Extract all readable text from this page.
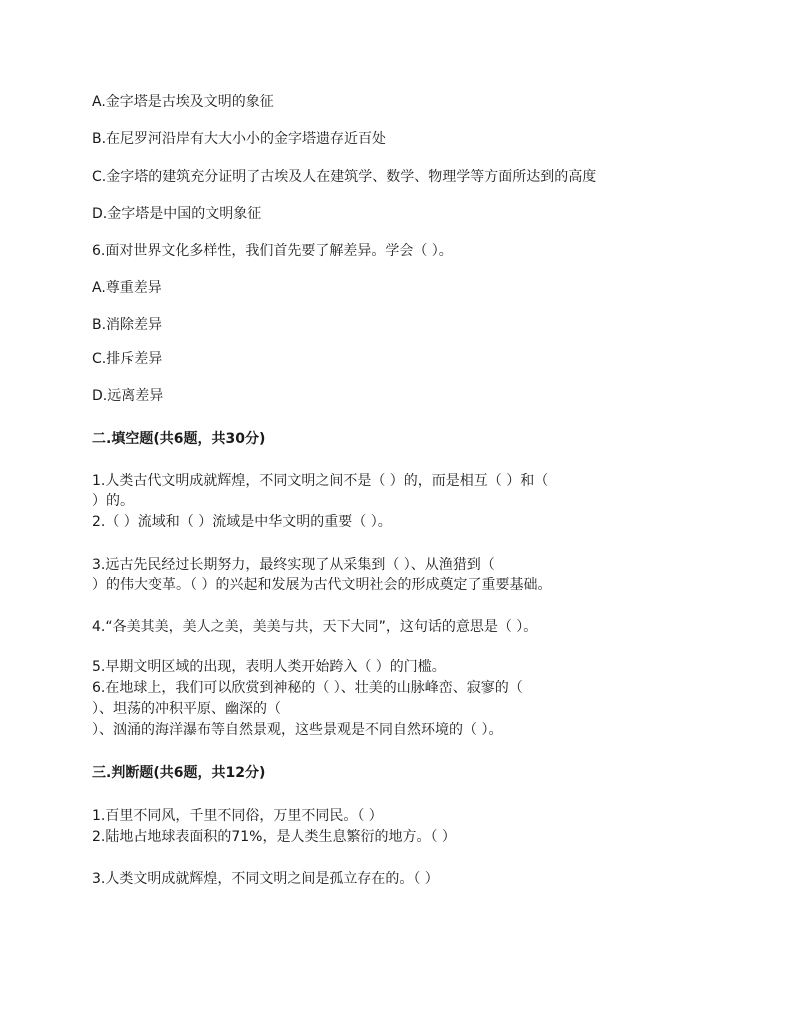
A.金字塔是古埃及文明的象征
B.在尼罗河沿岸有大大小小的金字塔遗存近百处
C.金字塔的建筑充分证明了古埃及人在建筑学、数学、物理学等方面所达到的高度
D.金字塔是中国的文明象征
6.面对世界文化多样性，我们首先要了解差异。学会（ ）。
A.尊重差异
B.消除差异
C.排斥差异
D.远离差异
二.填空题(共6题，共30分)
1.人类古代文明成就辉煌，不同文明之间不是（ ）的，而是相互（ ）和（
）的。
2.（ ）流域和（ ）流域是中华文明的重要（ ）。
3.远古先民经过长期努力，最终实现了从采集到（ ）、从渔猎到（
）的伟大变革。（ ）的兴起和发展为古代文明社会的形成奠定了重要基础。
4.“各美其美，美人之美，美美与共，天下大同”，这句话的意思是（ ）。
5.早期文明区域的出现，表明人类开始跨入（ ）的门槛。
6.在地球上，我们可以欣赏到神秘的（ ）、壮美的山脉峰峦、寂寥的（
）、坦荡的冲积平原、幽深的（
）、汹涌的海洋瀑布等自然景观，这些景观是不同自然环境的（ ）。
三.判断题(共6题，共12分)
1.百里不同风，千里不同俗，万里不同民。（ ）
2.陆地占地球表面积的71%，是人类生息繁衍的地方。（ ）
3.人类文明成就辉煌，不同文明之间是孤立存在的。（ ）
